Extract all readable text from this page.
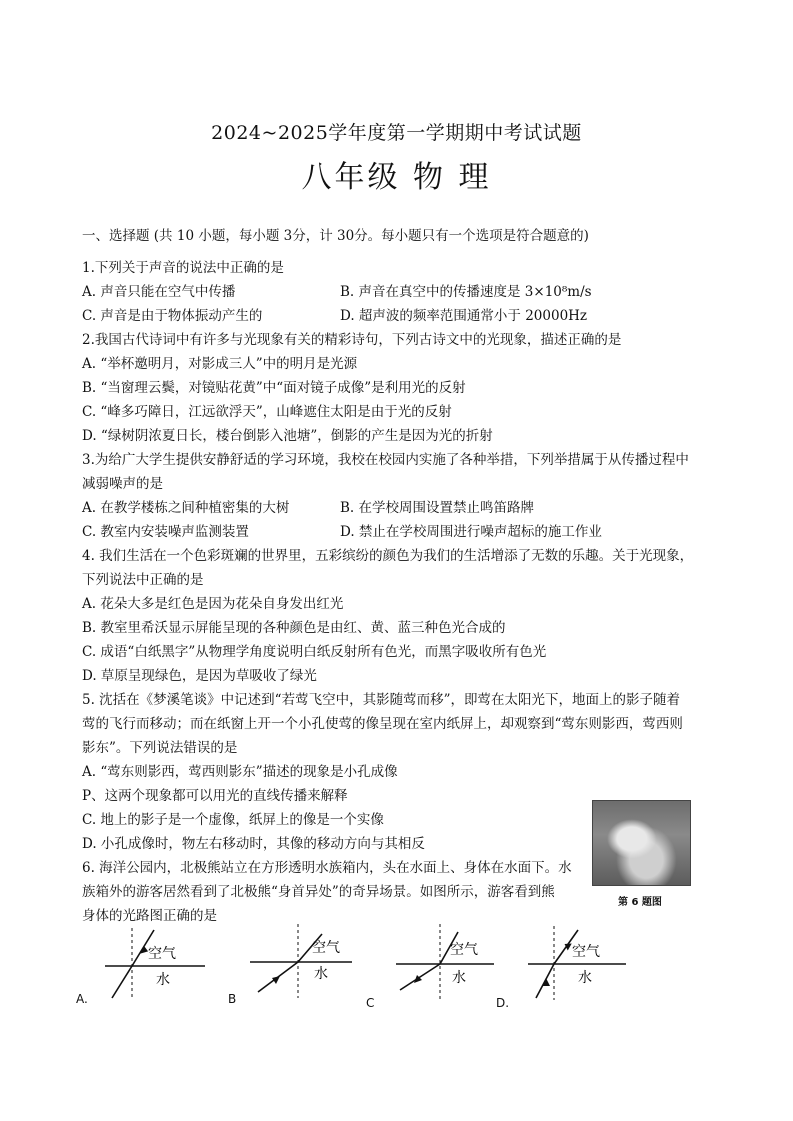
2024~2025学年度第一学期期中考试试题
八年级 物 理
一、选择题 (共 10 小题，每小题 3分，计 30分。每小题只有一个选项是符合题意的)
1.下列关于声音的说法中正确的是
A. 声音只能在空气中传播	B. 声音在真空中的传播速度是 3×10⁸m/s
C. 声音是由于物体振动产生的	D. 超声波的频率范围通常小于 20000Hz
2.我国古代诗词中有许多与光现象有关的精彩诗句，下列古诗文中的光现象，描述正确的是
A. “举杯邀明月，对影成三人”中的明月是光源
B. “当窗理云鬓，对镜贴花黄”中“面对镜子成像”是利用光的反射
C. “峰多巧障日，江远欲浮天”，山峰遮住太阳是由于光的反射
D. “绿树阴浓夏日长，楼台倒影入池塘”，倒影的产生是因为光的折射
3.为给广大学生提供安静舒适的学习环境，我校在校园内实施了各种举措，下列举措属于从传播过程中
减弱噪声的是
A. 在教学楼栋之间种植密集的大树	B. 在学校周围设置禁止鸣笛路牌
C. 教室内安装噪声监测装置	D. 禁止在学校周围进行噪声超标的施工作业
4. 我们生活在一个色彩斑斓的世界里，五彩缤纷的颜色为我们的生活增添了无数的乐趣。关于光现象，
下列说法中正确的是
A. 花朵大多是红色是因为花朵自身发出红光
B. 教室里希沃显示屏能呈现的各种颜色是由红、黄、蓝三种色光合成的
C. 成语“白纸黑字”从物理学角度说明白纸反射所有色光，而黑字吸收所有色光
D. 草原呈现绿色，是因为草吸收了绿光
5. 沈括在《梦溪笔谈》中记述到“若莺飞空中，其影随莺而移”，即莺在太阳光下，地面上的影子随着
莺的飞行而移动；而在纸窗上开一个小孔使莺的像呈现在室内纸屏上，却观察到“莺东则影西，莺西则
影东”。下列说法错误的是
A. “莺东则影西，莺西则影东”描述的现象是小孔成像
P、这两个现象都可以用光的直线传播来解释
C. 地上的影子是一个虚像，纸屏上的像是一个实像
D. 小孔成像时，物左右移动时，其像的移动方向与其相反
6. 海洋公园内，北极熊站立在方形透明水族箱内，头在水面上、身体在水面下。水
族箱外的游客居然看到了北极熊“身首异处”的奇异场景。如图所示，游客看到熊
身体的光路图正确的是
第 6 题图
空气
水
A.
空气
水
B
空气
水
C
空气
水
D.
